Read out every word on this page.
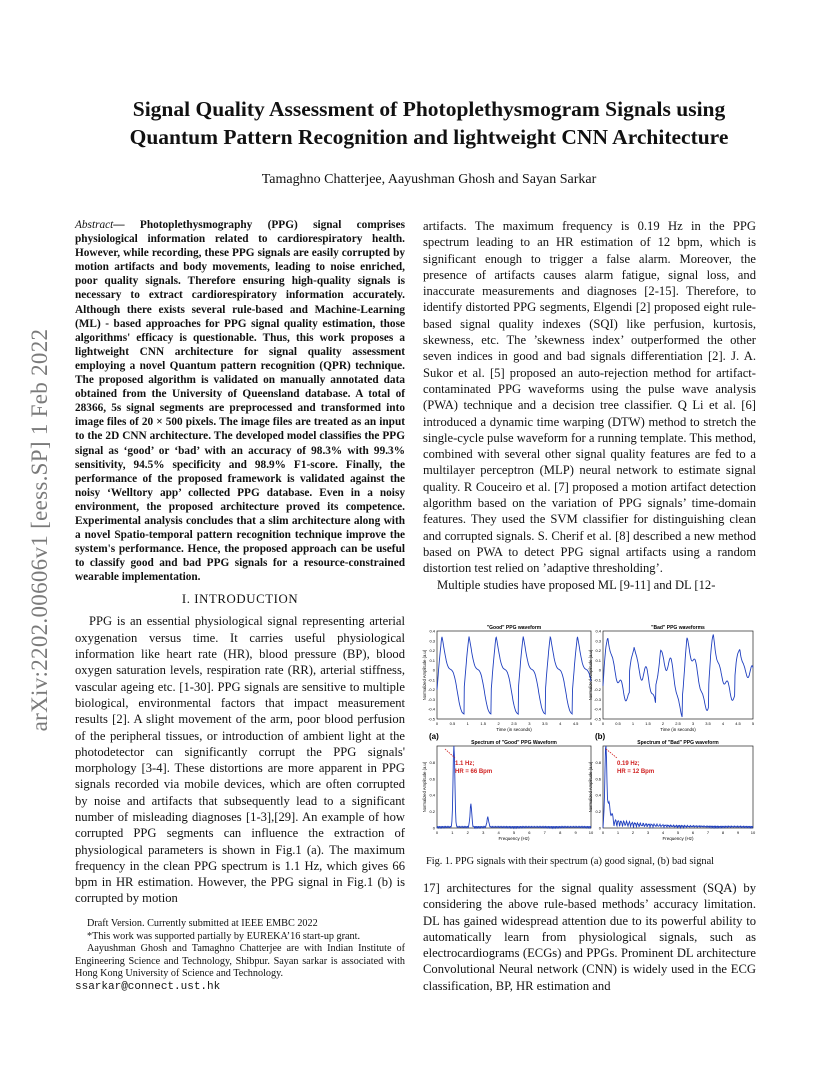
arXiv:2202.00606v1 [eess.SP] 1 Feb 2022
Signal Quality Assessment of Photoplethysmogram Signals using
Quantum Pattern Recognition and lightweight CNN Architecture
Tamaghno Chatterjee, Aayushman Ghosh and Sayan Sarkar

Abstract— Photoplethysmography (PPG) signal comprises physiological information related to cardiorespiratory health. However, while recording, these PPG signals are easily corrupted by motion artifacts and body movements, leading to noise enriched, poor quality signals. Therefore ensuring high-quality signals is necessary to extract cardiorespiratory information accurately. Although there exists several rule-based and Machine-Learning (ML) - based approaches for PPG signal quality estimation, those algorithms' efficacy is questionable. Thus, this work proposes a lightweight CNN architecture for signal quality assessment employing a novel Quantum pattern recognition (QPR) technique. The proposed algorithm is validated on manually annotated data obtained from the University of Queensland database. A total of 28366, 5s signal segments are preprocessed and transformed into image files of 20 × 500 pixels. The image files are treated as an input to the 2D CNN architecture. The developed model classifies the PPG signal as ‘good’ or ‘bad’ with an accuracy of 98.3% with 99.3% sensitivity, 94.5% specificity and 98.9% F1-score. Finally, the performance of the proposed framework is validated against the noisy ‘Welltory app’ collected PPG database. Even in a noisy environment, the proposed architecture proved its competence. Experimental analysis concludes that a slim architecture along with a novel Spatio-temporal pattern recognition technique improve the system's performance. Hence, the proposed approach can be useful to classify good and bad PPG signals for a resource-constrained wearable implementation.

I. INTRODUCTION

PPG is an essential physiological signal representing arterial oxygenation versus time. It carries useful physiological information like heart rate (HR), blood pressure (BP), blood oxygen saturation levels, respiration rate (RR), arterial stiffness, vascular ageing etc. [1-30]. PPG signals are sensitive to multiple biological, environmental factors that impact measurement results [2]. A slight movement of the arm, poor blood perfusion of the peripheral tissues, or introduction of ambient light at the photodetector can significantly corrupt the PPG signals' morphology [3-4]. These distortions are more apparent in PPG signals recorded via mobile devices, which are often corrupted by noise and artifacts that subsequently lead to a significant number of misleading diagnoses [1-3],[29]. An example of how corrupted PPG segments can influence the extraction of physiological parameters is shown in Fig.1 (a). The maximum frequency in the clean PPG spectrum is 1.1 Hz, which gives 66 bpm in HR estimation. However, the PPG signal in Fig.1 (b) is corrupted by motion

Draft Version. Currently submitted at IEEE EMBC 2022
*This work was supported partially by EUREKA’16 start-up grant.
Aayushman Ghosh and Tamaghno Chatterjee are with Indian Institute of Engineering Science and Technology, Shibpur. Sayan sarkar is associated with Hong Kong University of Science and Technology.
ssarkar@connect.ust.hk

artifacts. The maximum frequency is 0.19 Hz in the PPG spectrum leading to an HR estimation of 12 bpm, which is significant enough to trigger a false alarm. Moreover, the presence of artifacts causes alarm fatigue, signal loss, and inaccurate measurements and diagnoses [2-15]. Therefore, to identify distorted PPG segments, Elgendi [2] proposed eight rule-based signal quality indexes (SQI) like perfusion, kurtosis, skewness, etc. The ’skewness index’ outperformed the other seven indices in good and bad signals differentiation [2]. J. A. Sukor et al. [5] proposed an auto-rejection method for artifact-contaminated PPG waveforms using the pulse wave analysis (PWA) technique and a decision tree classifier. Q Li et al. [6] introduced a dynamic time warping (DTW) method to stretch the single-cycle pulse waveform for a running template. This method, combined with several other signal quality features are fed to a multilayer perceptron (MLP) neural network to estimate signal quality. R Couceiro et al. [7] proposed a motion artifact detection algorithm based on the variation of PPG signals’ time-domain features. They used the SVM classifier for distinguishing clean and corrupted signals. S. Cherif et al. [8] described a new method based on PWA to detect PPG signal artifacts using a random distortion test relied on ’adaptive thresholding’.

Multiple studies have proposed ML [9-11] and DL [12-

"Good" PPG waveform
0	0.5	1	1.5	2	2.5	3	3.5	4	4.5	5
Time (in seconds)
-0.5
-0.4
-0.3
-0.2
-0.1
0
0.1
0.2
0.3
0.4
Normalized Amplitude (a.u)
"Bad" PPG waveforms
0	0.5	1	1.5	2	2.5	3	3.5	4	4.5	5
Time (in seconds)
-0.5
-0.4
-0.3
-0.2
-0.1
0
0.1
0.2
0.3
0.4
Normalized Amplitude (a.u)
Spectrum of "Good" PPG Waveform
0	1	2	3	4	5	6	7	8	9	10
Frequency (Hz)
0
0.2
0.4
0.6
0.8
Normalized Amplitude (a.u)
Spectrum of "Bad" PPG waveform
0	1	2	3	4	5	6	7	8	9	10
Frequency (Hz)
0
0.2
0.4
0.6
0.8
Normalized Amplitude (a.u)
(a)	(b)
1.1 Hz;
HR = 66 Bpm
0.19 Hz;
HR = 12 Bpm
Fig. 1. PPG signals with their spectrum (a) good signal, (b) bad signal

17] architectures for the signal quality assessment (SQA) by considering the above rule-based methods’ accuracy limitation. DL has gained widespread attention due to its powerful ability to automatically learn from physiological signals, such as electrocardiograms (ECGs) and PPGs. Prominent DL architecture Convolutional Neural network (CNN) is widely used in the ECG classification, BP, HR estimation and
